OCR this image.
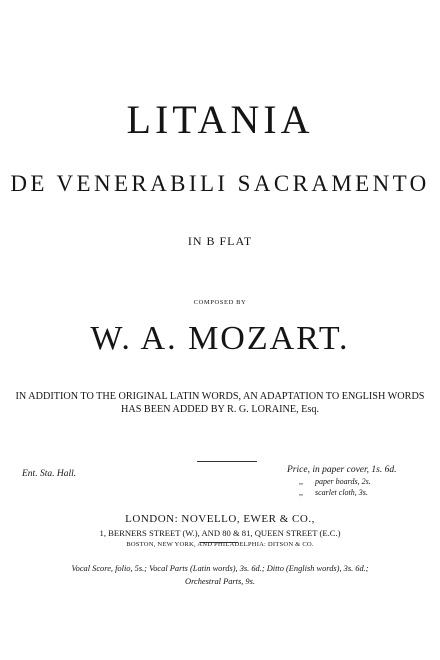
LITANIA
DE VENERABILI SACRAMENTO
IN B FLAT
COMPOSED BY
W. A. MOZART.
IN ADDITION TO THE ORIGINAL LATIN WORDS, AN ADAPTATION TO ENGLISH WORDS
HAS BEEN ADDED BY R. G. LORAINE, Esq.
Ent. Sta. Hall.	Price, in paper cover, 1s. 6d.
,, paper boards, 2s.
,, scarlet cloth, 3s.
LONDON: NOVELLO, EWER & CO.,
1, BERNERS STREET (W.), AND 80 & 81, QUEEN STREET (E.C.)
BOSTON, NEW YORK, AND PHILADELPHIA: DITSON & CO.
Vocal Score, folio, 5s.; Vocal Parts (Latin words), 3s. 6d.; Ditto (English words), 3s. 6d.;
Orchestral Parts, 9s.
